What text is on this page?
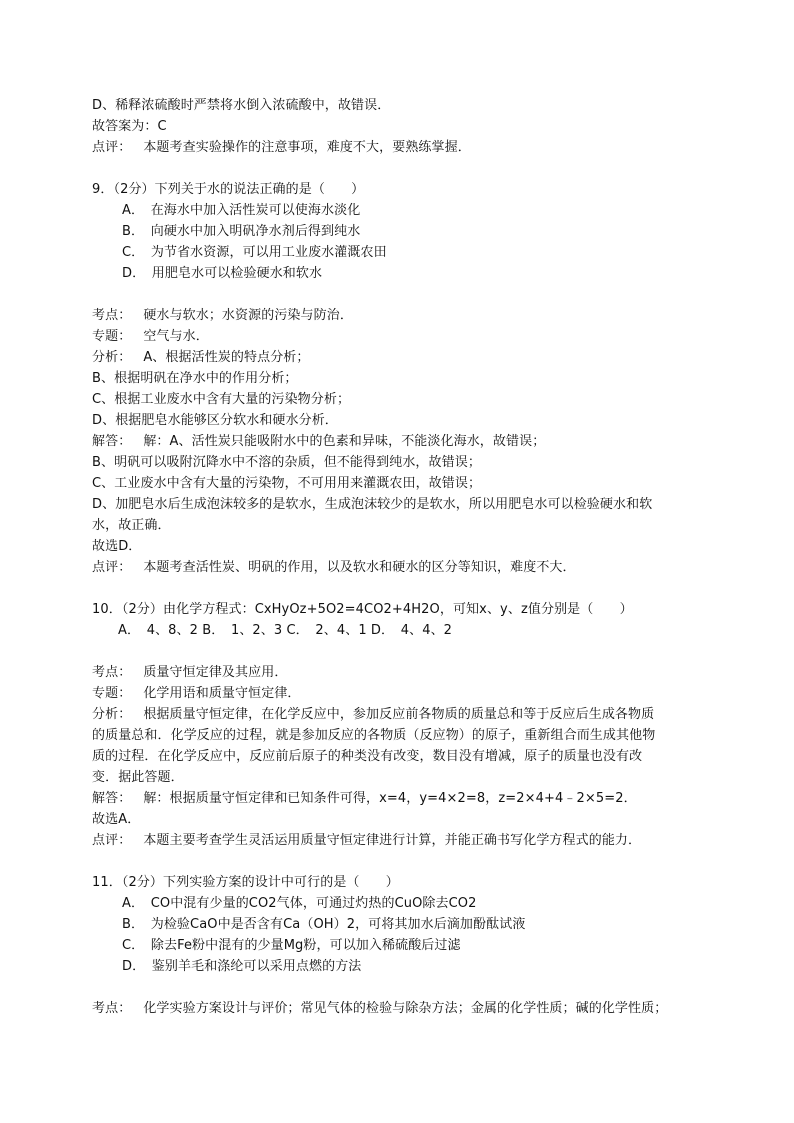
D、稀释浓硫酸时严禁将水倒入浓硫酸中，故错误．
故答案为：C
点评： 本题考查实验操作的注意事项，难度不大，要熟练掌握．
9．（2分）下列关于水的说法正确的是（　　）
A．　在海水中加入活性炭可以使海水淡化
B．　向硬水中加入明矾净水剂后得到纯水
C．　为节省水资源，可以用工业废水灌溉农田
D．　用肥皂水可以检验硬水和软水
考点： 硬水与软水；水资源的污染与防治．
专题： 空气与水．
分析： A、根据活性炭的特点分析；
B、根据明矾在净水中的作用分析；
C、根据工业废水中含有大量的污染物分析；
D、根据肥皂水能够区分软水和硬水分析．
解答： 解：A、活性炭只能吸附水中的色素和异味，不能淡化海水，故错误；
B、明矾可以吸附沉降水中不溶的杂质，但不能得到纯水，故错误；
C、工业废水中含有大量的污染物，不可用用来灌溉农田，故错误；
D、加肥皂水后生成泡沫较多的是软水，生成泡沫较少的是软水，所以用肥皂水可以检验硬水和软
水，故正确．
故选D．
点评： 本题考查活性炭、明矾的作用，以及软水和硬水的区分等知识，难度不大．
10．（2分）由化学方程式：CxHyOz+5O2=4CO2+4H2O，可知x、y、z值分别是（　　）
A．　4、8、2 B．　1、2、3 C．　2、4、1 D．　4、4、2
考点： 质量守恒定律及其应用．
专题： 化学用语和质量守恒定律．
分析： 根据质量守恒定律，在化学反应中，参加反应前各物质的质量总和等于反应后生成各物质
的质量总和．化学反应的过程，就是参加反应的各物质（反应物）的原子，重新组合而生成其他物
质的过程．在化学反应中，反应前后原子的种类没有改变，数目没有增减，原子的质量也没有改
变．据此答题．
解答： 解：根据质量守恒定律和已知条件可得，x=4，y=4×2=8，z=2×4+4﹣2×5=2．
故选A．
点评： 本题主要考查学生灵活运用质量守恒定律进行计算，并能正确书写化学方程式的能力．
11．（2分）下列实验方案的设计中可行的是（　　）
A．　CO中混有少量的CO2气体，可通过灼热的CuO除去CO2
B．　为检验CaO中是否含有Ca（OH）2，可将其加水后滴加酚酞试液
C．　除去Fe粉中混有的少量Mg粉，可以加入稀硫酸后过滤
D．　鉴别羊毛和涤纶可以采用点燃的方法
考点： 化学实验方案设计与评价；常见气体的检验与除杂方法；金属的化学性质；碱的化学性质；
